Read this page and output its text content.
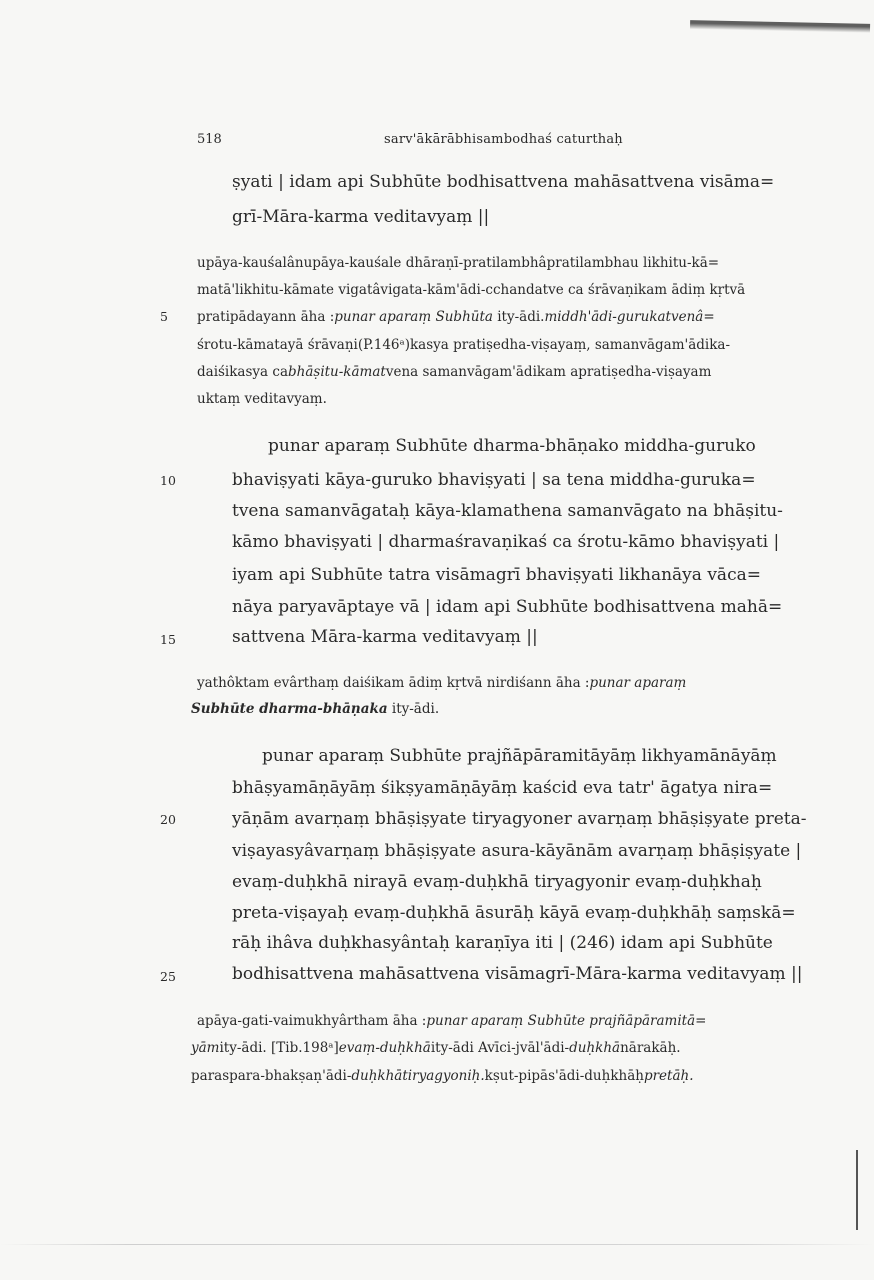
518	sarv'ākārābhisambodhaś caturthaḥ
ṣyati | idam api Subhūte bodhisattvena mahāsattvena visāma=
grī-Māra-karma veditavyaṃ ||
upāya-kauśalânupāya-kauśale dhāraṇī-pratilambhâpratilambhau likhitu-kā=
matā'likhitu-kāmate vigatâvigata-kām'ādi-cchandatve ca śrāvaṇikam ādiṃ kṛtvā
5 pratipādayann āha : punar aparaṃ Subhūta ity-ādi. middh'ādi-gurukatvenâ=
śrotu-kāmatayā śrāvaṇi(P.146ᵃ)kasya pratiṣedha-viṣayaṃ, samanvāgam'ādika-
daiśikasya ca bhāṣitu-kāmatvena samanvāgam'ādikam apratiṣedha-viṣayam
uktaṃ veditavyaṃ.
punar aparaṃ Subhūte dharma-bhāṇako middha-guruko
10	bhaviṣyati kāya-guruko bhaviṣyati | sa tena middha-guruka=
tvena samanvāgataḥ kāya-klamathena samanvāgato na bhāṣitu-
kāmo bhaviṣyati | dharmaśravaṇikaś ca śrotu-kāmo bhaviṣyati |
iyam api Subhūte tatra visāmagrī bhaviṣyati likhanāya vāca=
nāya paryavāptaye vā | idam api Subhūte bodhisattvena mahā=
15	sattvena Māra-karma veditavyaṃ ||
yathôktam evârthaṃ daiśikam ādiṃ kṛtvā nirdiśann āha : punar aparaṃ
Subhūte dharma-bhāṇaka ity-ādi.
punar aparaṃ Subhūte prajñāpāramitāyāṃ likhyamānāyāṃ
bhāṣyamāṇāyāṃ śikṣyamāṇāyāṃ kaścid eva tatr' āgatya nira=
20	yāṇām avarṇaṃ bhāṣiṣyate tiryagyoner avarṇaṃ bhāṣiṣyate preta-
viṣayasyâvarṇaṃ bhāṣiṣyate asura-kāyānām avarṇaṃ bhāṣiṣyate |
evaṃ-duḥkhā nirayā evaṃ-duḥkhā tiryagyonir evaṃ-duḥkhaḥ
preta-viṣayaḥ evaṃ-duḥkhā āsurāḥ kāyā evaṃ-duḥkhāḥ saṃskā=
rāḥ ihâva duḥkhasyântaḥ karaṇīya iti | (246) idam api Subhūte
25	bodhisattvena mahāsattvena visāmagrī-Māra-karma veditavyaṃ ||
apāya-gati-vaimukhyârtham āha : punar aparaṃ Subhūte prajñāpāramitā=
yām ity-ādi. [Tib.198ᵃ] evaṃ-duḥkhā ity-ādi Avīci-jvāl'ādi-duḥkhā nārakāḥ.
paraspara-bhakṣaṇ'ādi-duḥkhā tiryagyoniḥ. kṣut-pipās'ādi-duḥkhāḥ pretāḥ.
